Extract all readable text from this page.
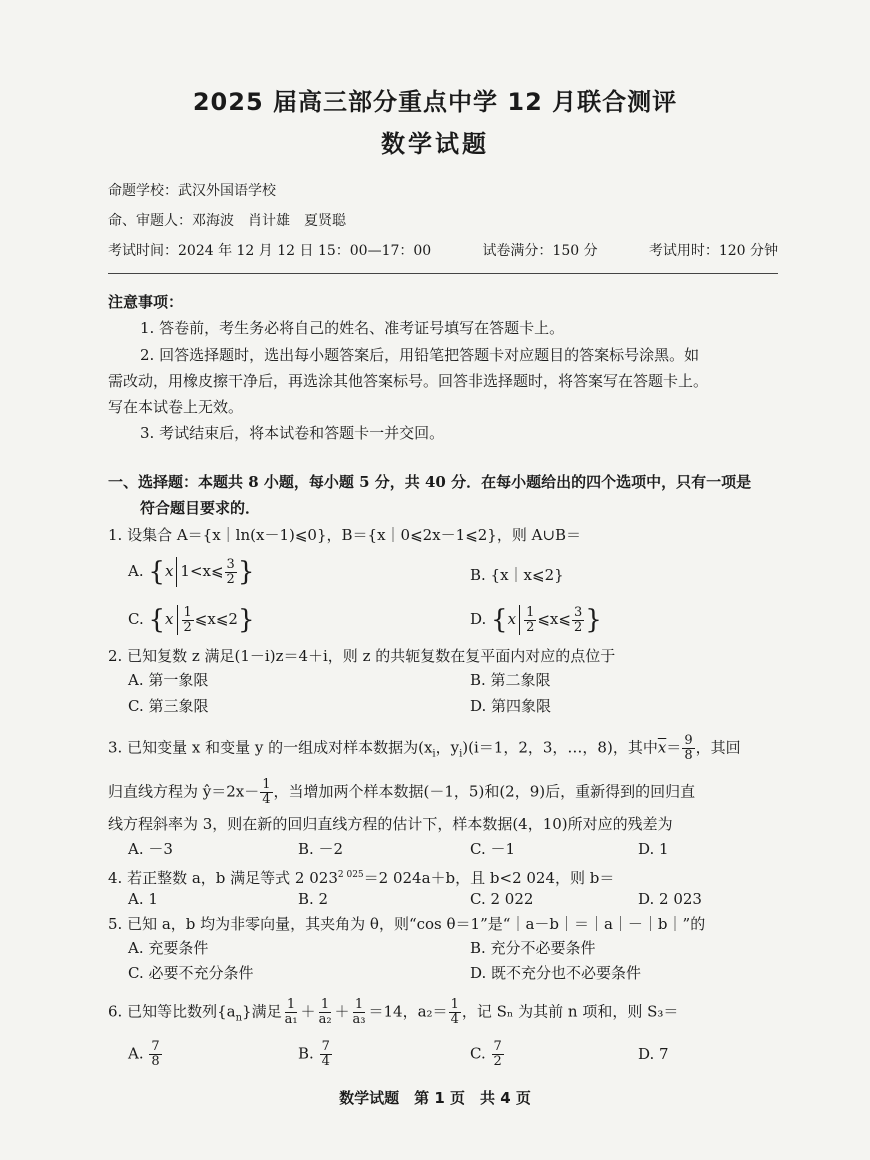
2025 届高三部分重点中学 12 月联合测评
数学试题
命题学校：武汉外国语学校
命、审题人：邓海波　肖计雄　夏贤聪
考试时间：2024 年 12 月 12 日 15：00—17：00	试卷满分：150 分	考试用时：120 分钟
注意事项：
1. 答卷前，考生务必将自己的姓名、准考证号填写在答题卡上。
2. 回答选择题时，选出每小题答案后，用铅笔把答题卡对应题目的答案标号涂黑。如
需改动，用橡皮擦干净后，再选涂其他答案标号。回答非选择题时，将答案写在答题卡上。
写在本试卷上无效。
3. 考试结束后，将本试卷和答题卡一并交回。
一、选择题：本题共 8 小题，每小题 5 分，共 40 分．在每小题给出的四个选项中，只有一项是
符合题目要求的．
1. 设集合 A＝{x｜ln(x－1)⩽0}，B＝{x｜0⩽2x－1⩽2}，则 A∪B＝
A. {x 1<x⩽ $\frac{3}{2}$ }	B. {x｜x⩽2}
C. {$x \frac{1}{2}$ ⩽x⩽2}	D. {$x \frac{1}{2}$ ⩽x⩽ $\frac{3}{2}$ }
2. 已知复数 z 满足(1－i)z＝4＋i，则 z 的共轭复数在复平面内对应的点位于
A. 第一象限	B. 第二象限
C. 第三象限	D. 第四象限
3. 已知变量 x 和变量 y 的一组成对样本数据为($x_i$，$y_i)(i=1$，2，3，…，8)，其中$\overline{x}= \frac{9}{8}$ ，其回
归直线方程为 ŷ＝2x－ $\frac{1}{4}$ ，当增加两个样本数据(－1，5)和(2，9)后，重新得到的回归直
线方程斜率为 3，则在新的回归直线方程的估计下，样本数据(4，10)所对应的残差为
A. －3	B. －2	C. －1	D. 1
4. 若正整数 a，b 满足等式 2 $023^{2 025}=2$ 024a＋b，且 b<2 024，则 b＝
A. 1	B. 2	C. 2 022	D. 2 023
5. 已知 a，b 均为非零向量，其夹角为 θ，则“cos θ＝1”是“｜a－b｜＝｜a｜－｜b｜”的
A. 充要条件	B. 充分不必要条件
C. 必要不充分条件	D. 既不充分也不必要条件
6. 已知等比数列$\{a_n\}$满足 $\frac{1}{\text{a₁}} + \frac{1}{\text{a₂}} + \frac{1}{\text{a₃}} =14$，$a_2= \frac{1}{4}$ ，记 Sₙ 为其前 n 项和，则 S₃＝
A. $\frac{7}{8}$	B. $\frac{7}{4}$	C. $\frac{7}{2}$	D. 7
数学试题　第 1 页　共 4 页
